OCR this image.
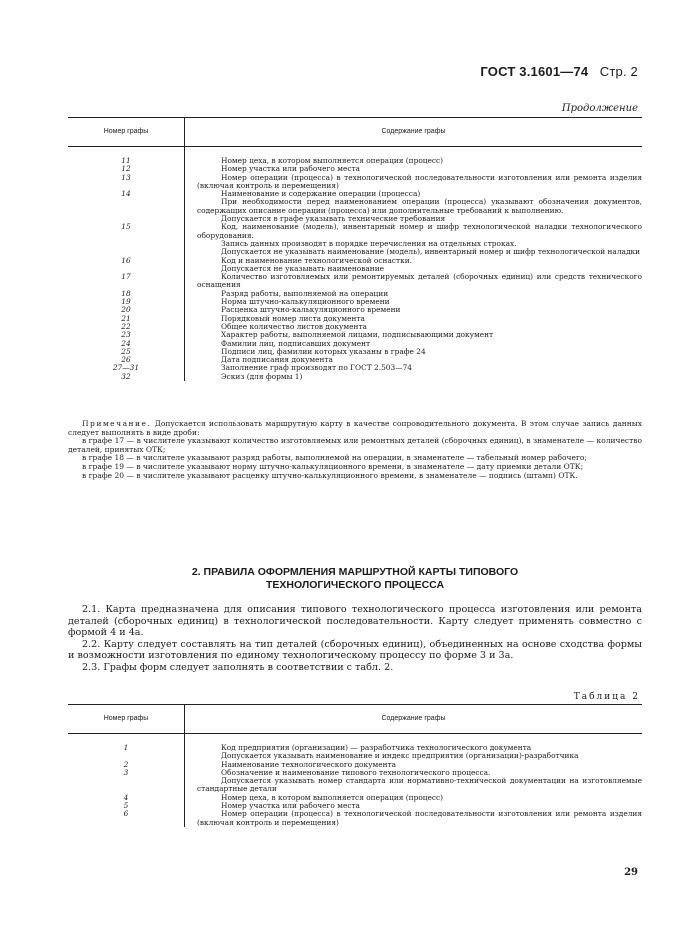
ГОСТ 3.1601—74 Стр. 2
Продолжение
Номер графы	Содержание графы
11	Номер цеха, в котором выполняется операция (процесс)

12	Номер участка или рабочего места

13	Номер операции (процесса) в технологической последовательности изготовления или ремонта изделия (включая контроль и перемещения)

14	Наименование и содержание операции (процесса)
При необходимости перед наименованием операции (процесса) указывают обозначения документов, содержащих описание операции (процесса) или дополнительные требований к выполнению.
Допускается в графе указывать технические требования

15	Код, наименование (модель), инвентарный номер и шифр технологической наладки технологического оборудования.
Запись данных производят в порядке перечисления на отдельных строках.
Допускается не указывать наименование (модель), инвентарный номер и шифр технологической наладки

16	Код и наименование технологической оснастки.
Допускается не указывать наименование

17	Количество изготовляемых или ремонтируемых деталей (сборочных единиц) или средств технического оснащения

18	Разряд работы, выполняемой на операции

19	Норма штучно-калькуляционного времени

20	Расценка штучно-калькуляционного времени

21	Порядковый номер листа документа

22	Общее количество листов документа

23	Характер работы, выполняемой лицами, подписывающими документ

24	Фамилии лиц, подписавших документ

25	Подписи лиц, фамилии которых указаны в графе 24

26	Дата подписания документа

27—31	Заполнение граф производят по ГОСТ 2.503—74

32	Эскиз (для формы 1)

Примечание. Допускается использовать маршрутную карту в качестве сопроводительного документа. В этом случае запись данных следует выполнять в виде дроби:

в графе 17 — в числителе указывают количество изготовляемых или ремонтных деталей (сборочных единиц), в знаменателе — количество деталей, принятых ОТК;

в графе 18 — в числителе указывают разряд работы, выполняемой на операции, в знаменателе — табельный номер рабочего;

в графе 19 — в числителе указывают норму штучно-калькуляционного времени, в знаменателе — дату приемки детали ОТК;

в графе 20 — в числителе указывают расценку штучно-калькуляционного времени, в знаменателе — подпись (штамп) ОТК.

2. ПРАВИЛА ОФОРМЛЕНИЯ МАРШРУТНОЙ КАРТЫ ТИПОВОГО
ТЕХНОЛОГИЧЕСКОГО ПРОЦЕССА

2.1. Карта предназначена для описания типового технологического процесса изготовления или ремонта деталей (сборочных единиц) в технологической последовательности. Карту следует применять совместно с формой 4 и 4а.

2.2. Карту следует составлять на тип деталей (сборочных единиц), объединенных на основе сходства формы и возможности изготовления по единому технологическому процессу по форме 3 и 3а.

2.3. Графы форм следует заполнять в соответствии с табл. 2.

Таблица 2
Номер графы	Содержание графы
1	Код предприятия (организации) — разработчика технологического документа
Допускается указывать наименование и индекс предприятия (организации)-разработчика

2	Наименование технологического документа

3	Обозначение и наименование типового технологического процесса.
Допускается указывать номер стандарта или нормативно-технической документации на изготовляемые стандартные детали

4	Номер цеха, в котором выполняется операция (процесс)

5	Номер участка или рабочего места

6	Номер операции (процесса) в технологической последовательности изготовления или ремонта изделия (включая контроль и перемещения)
29
